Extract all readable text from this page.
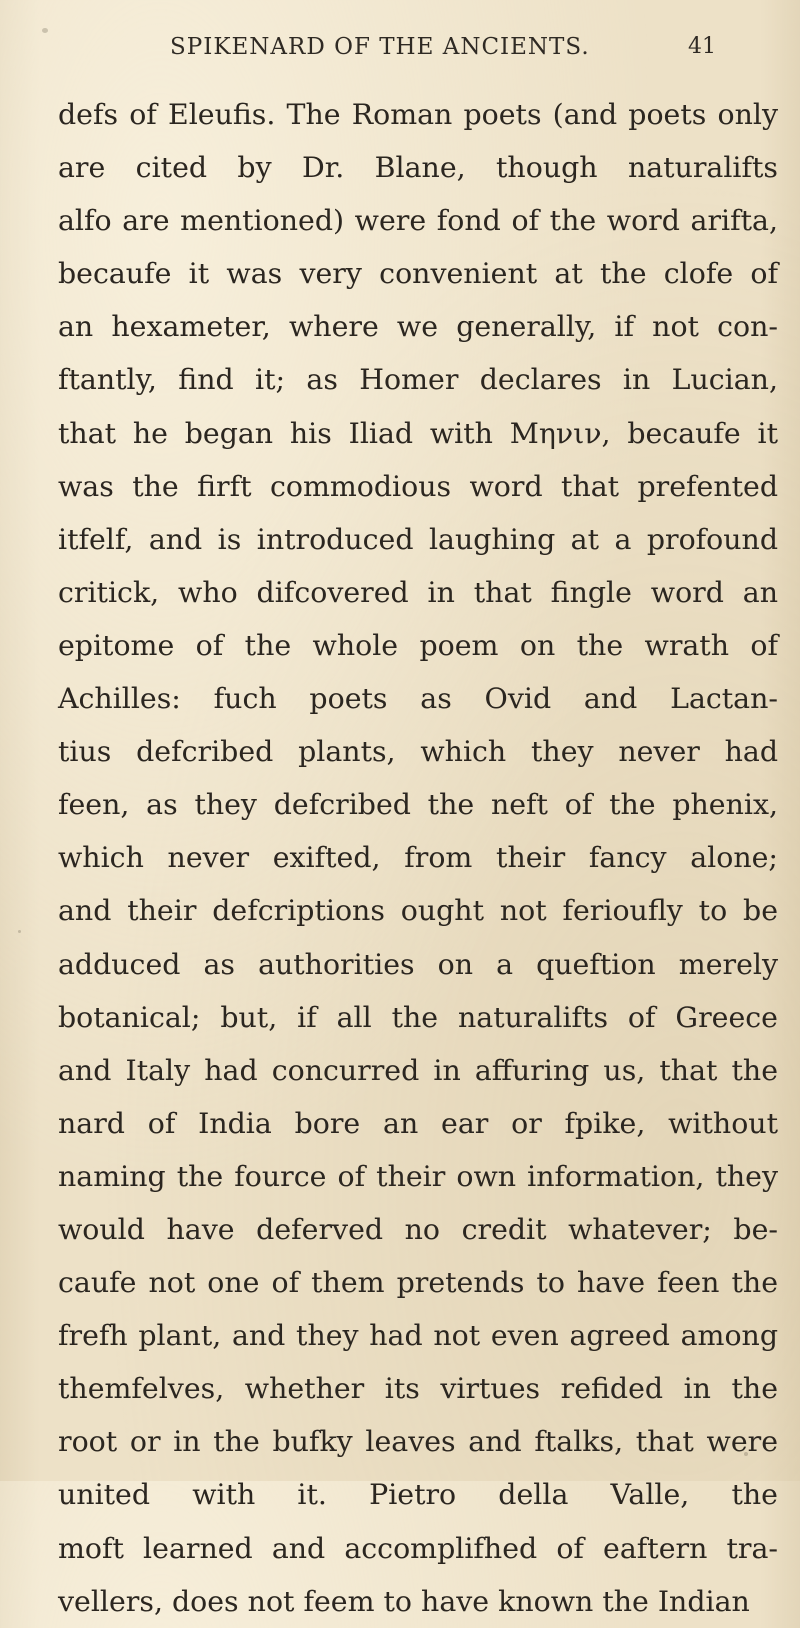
SPIKENARD OF THE ANCIENTS.	41
defs of Eleufis. The Roman poets (and poets only
are cited by Dr. Blane, though naturalifts
alfo are mentioned) were fond of the word arifta,
becaufe it was very convenient at the clofe of
an hexameter, where we generally, if not con-
ftantly, find it; as Homer declares in Lucian,
that he began his Iliad with Μηνιν, becaufe it
was the firft commodious word that prefented
itfelf, and is introduced laughing at a profound
critick, who difcovered in that fingle word an
epitome of the whole poem on the wrath of
Achilles: fuch poets as Ovid and Lactan-
tius defcribed plants, which they never had
feen, as they defcribed the neft of the phenix,
which never exifted, from their fancy alone;
and their defcriptions ought not ferioufly to be
adduced as authorities on a queftion merely
botanical; but, if all the naturalifts of Greece
and Italy had concurred in affuring us, that the
nard of India bore an ear or fpike, without
naming the fource of their own information, they
would have deferved no credit whatever; be-
caufe not one of them pretends to have feen the
frefh plant, and they had not even agreed among
themfelves, whether its virtues refided in the
root or in the bufky leaves and ftalks, that were
united with it. Pietro della Valle, the
moft learned and accomplifhed of eaftern tra-
vellers, does not feem to have known the Indian
